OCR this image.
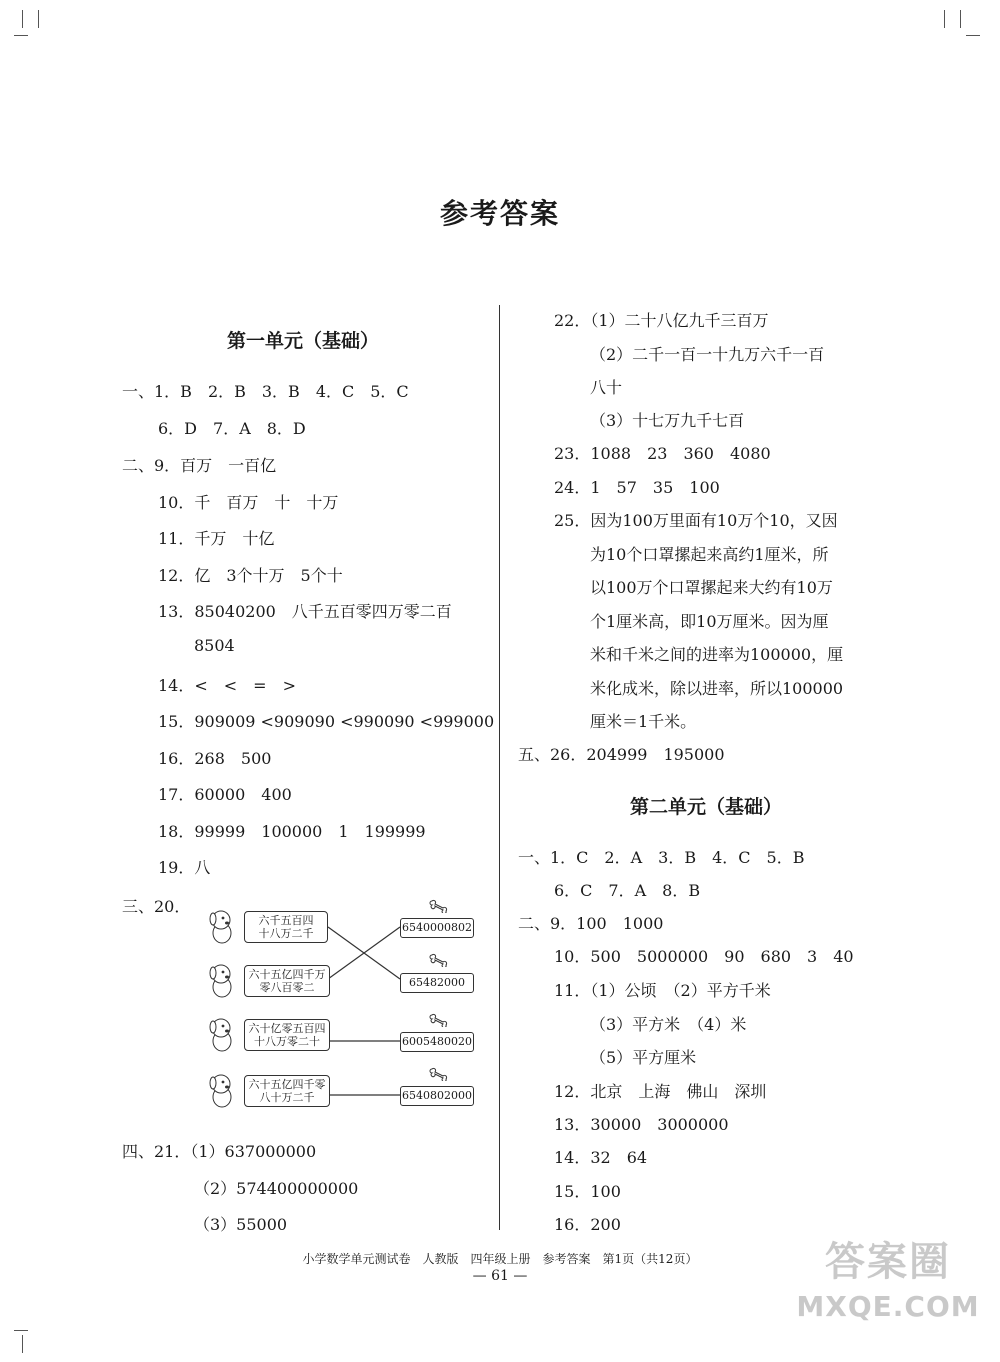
参考答案
第一单元（基础）
一、1．B　2．B　3．B　4．C　5．C
6．D　7．A　8．D
二、9．百万　一百亿
10．千　百万　十　十万
11．千万　十亿
12．亿　3个十万　5个十
13．85040200　八千五百零四万零二百
8504
14．<　<　=　>
15．909009 <909090 <990090 <999000
16．268　500
17．60000　400
18．99999　100000　1　199999
19．八
三、20．
六千五百四
十八万二千
六十五亿四千万
零八百零二
六十亿零五百四
十八万零二十
六十五亿四千零
八十万二千
6540000802
65482000
6005480020
6540802000
四、21．（1）637000000
（2）574400000000
（3）55000
22．（1）二十八亿九千三百万
（2）二千一百一十九万六千一百
八十
（3）十七万九千七百
23．1088　23　360　4080
24．1　57　35　100
25．因为100万里面有10万个10，又因
为10个口罩摞起来高约1厘米，所
以100万个口罩摞起来大约有10万
个1厘米高，即10万厘米。因为厘
米和千米之间的进率为100000，厘
米化成米，除以进率，所以100000
厘米＝1千米。
五、26．204999　195000
第二单元（基础）
一、1．C　2．A　3．B　4．C　5．B
6．C　7．A　8．B
二、9．100　1000
10．500　5000000　90　680　3　40
11．（1）公顷　（2）平方千米
（3）平方米　（4）米
（5）平方厘米
12．北京　上海　佛山　深圳
13．30000　3000000
14．32　64
15．100
16．200
小学数学单元测试卷　人教版　四年级上册　参考答案　第1页（共12页）
— 61 —	答案圈
MXQE.COM
